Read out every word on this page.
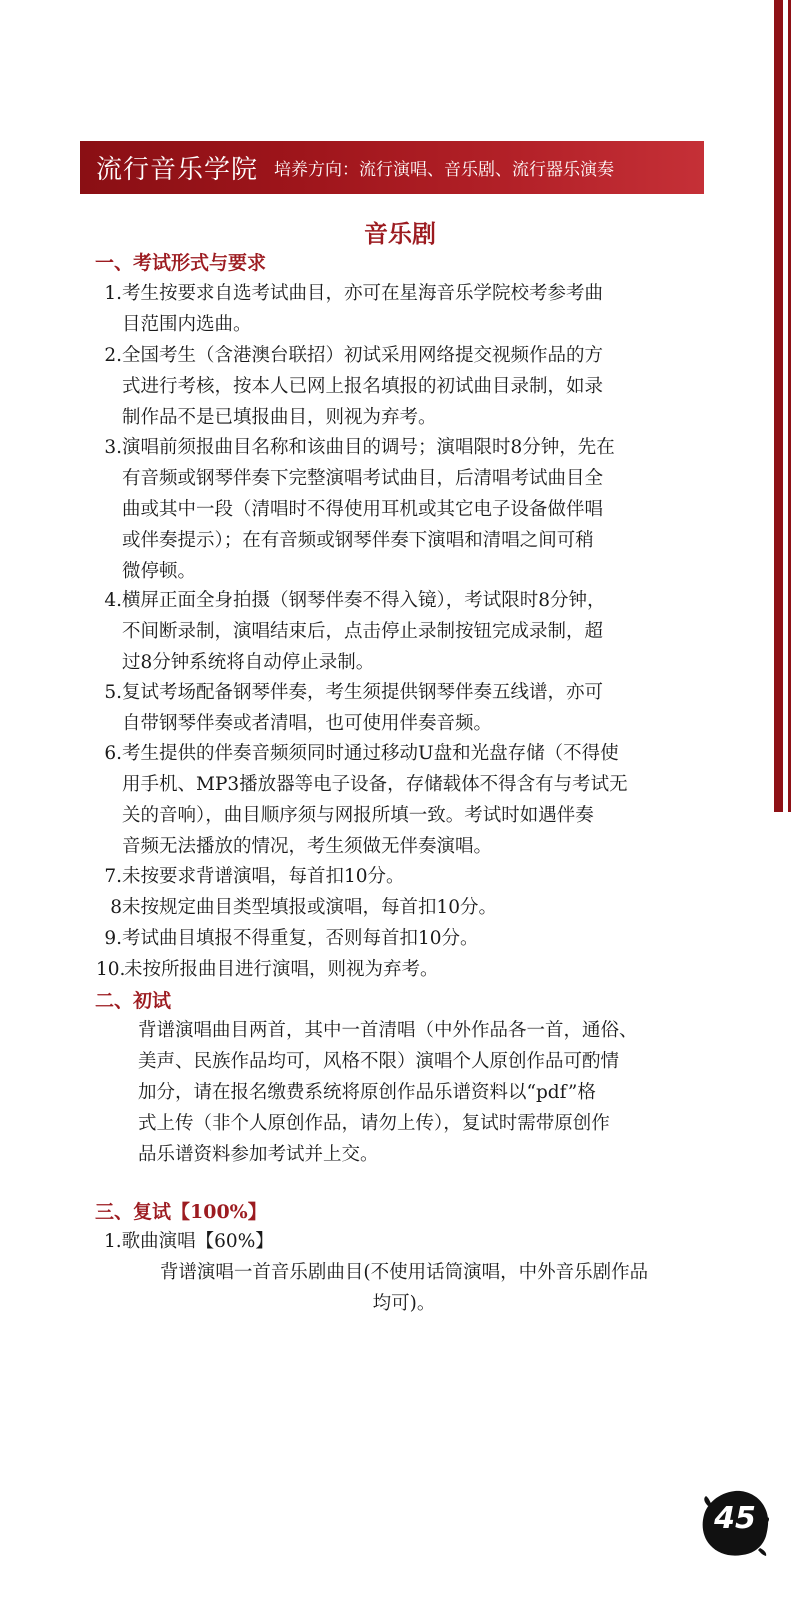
流行音乐学院 培养方向：流行演唱、音乐剧、流行器乐演奏
音乐剧
一、考试形式与要求
1. 考生按要求自选考试曲目，亦可在星海音乐学院校考参考曲
目范围内选曲。
2. 全国考生（含港澳台联招）初试采用网络提交视频作品的方
式进行考核，按本人已网上报名填报的初试曲目录制，如录
制作品不是已填报曲目，则视为弃考。
3. 演唱前须报曲目名称和该曲目的调号；演唱限时8分钟，先在
有音频或钢琴伴奏下完整演唱考试曲目，后清唱考试曲目全
曲或其中一段（清唱时不得使用耳机或其它电子设备做伴唱
或伴奏提示）；在有音频或钢琴伴奏下演唱和清唱之间可稍
微停顿。
4. 横屏正面全身拍摄（钢琴伴奏不得入镜），考试限时8分钟，
不间断录制，演唱结束后，点击停止录制按钮完成录制，超
过8分钟系统将自动停止录制。
5. 复试考场配备钢琴伴奏，考生须提供钢琴伴奏五线谱，亦可
自带钢琴伴奏或者清唱，也可使用伴奏音频。
6. 考生提供的伴奏音频须同时通过移动U盘和光盘存储（不得使
用手机、MP3播放器等电子设备，存储载体不得含有与考试无
关的音响），曲目顺序须与网报所填一致。考试时如遇伴奏
音频无法播放的情况，考生须做无伴奏演唱。
7. 未按要求背谱演唱，每首扣10分。
8 未按规定曲目类型填报或演唱，每首扣10分。
9. 考试曲目填报不得重复，否则每首扣10分。
10.
未按所报曲目进行演唱，则视为弃考。
二、初试
背谱演唱曲目两首，其中一首清唱（中外作品各一首，通俗、
美声、民族作品均可，风格不限）演唱个人原创作品可酌情
加分，请在报名缴费系统将原创作品乐谱资料以“pdf”格
式上传（非个人原创作品，请勿上传），复试时需带原创作
品乐谱资料参加考试并上交。
三、复试【100%】
1.歌曲演唱【60%】
背谱演唱一首音乐剧曲目(不使用话筒演唱，中外音乐剧作品
均可)。
45
